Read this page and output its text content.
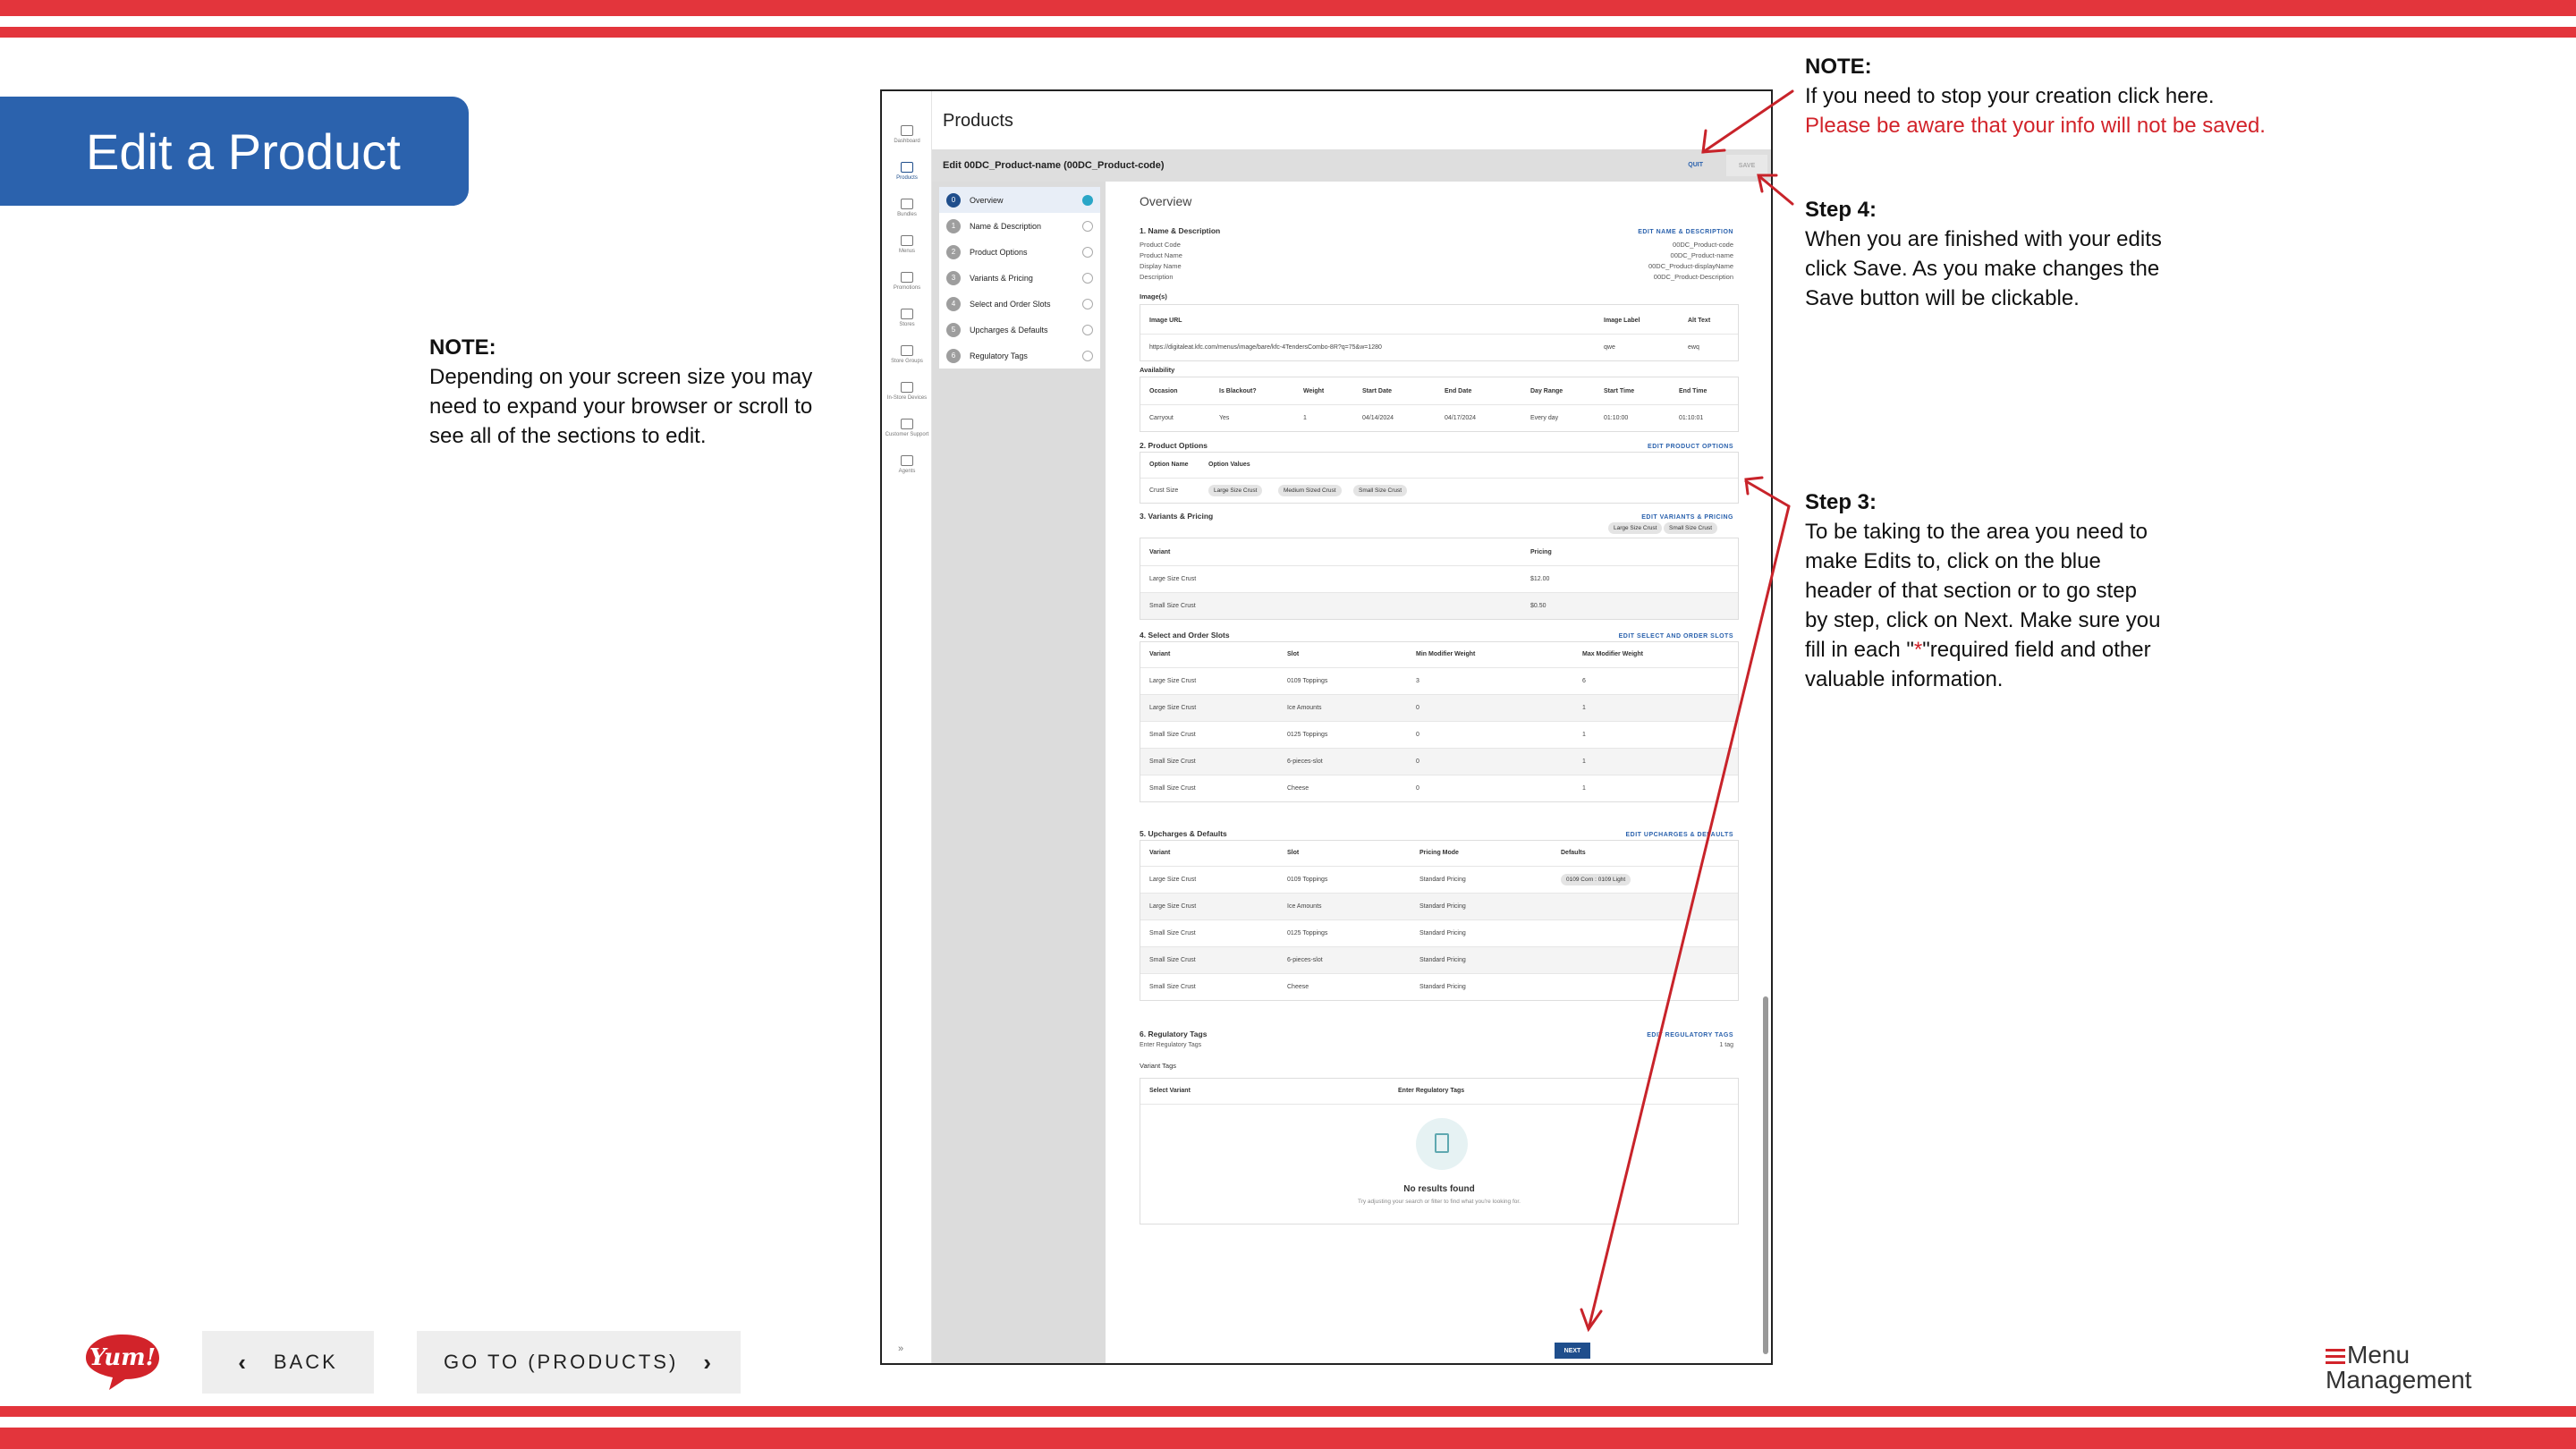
Edit a Product
NOTE:
Depending on your screen size you may need to expand your browser or scroll to see all of the sections to edit.
NOTE:
If you need to stop your creation click here.
Please be aware that your info will not be saved.
Step 4:
When you are finished with your edits click Save. As you make changes the Save button will be clickable.
Step 3:
To be taking to the area you need to make Edits to, click on the blue header of that section or to go step by step, click on Next. Make sure you fill in each "*"required field and other valuable information.
Yum!	‹ BACK	GO TO (PRODUCTS) ›	Menu
Management
Dashboard
Products
Bundles
Menus
Promotions
Stores
Store Groups
In-Store Devices
Customer Support
Agents
Products
Edit 00DC_Product-name (00DC_Product-code)	QUIT	SAVE
0	Overview
1	Name & Description
2	Product Options
3	Variants & Pricing
4	Select and Order Slots
5	Upcharges & Defaults
6	Regulatory Tags
Overview
1. Name & Description	EDIT NAME & DESCRIPTION
Product Code	00DC_Product-code
Product Name	00DC_Product-name
Display Name	00DC_Product-displayName
Description	00DC_Product-Description
Image(s)
Image URL	Image Label	Alt Text
https://digitaleat.kfc.com/menus/image/bare/kfc-4TendersCombo-8R?q=75&w=1280	qwe	ewq
Availability
Occasion	Is Blackout?	Weight	Start Date	End Date	Day Range	Start Time	End Time
Carryout	Yes	1	04/14/2024	04/17/2024	Every day	01:10:00	01:10:01
2. Product Options	EDIT PRODUCT OPTIONS
Option Name	Option Values
Crust Size	Large Size Crust	Medium Sized Crust	Small Size Crust
3. Variants & Pricing	EDIT VARIANTS & PRICING
Large Size Crust	Small Size Crust
Variant	Pricing
Large Size Crust	$12.00
Small Size Crust	$0.50
4. Select and Order Slots	EDIT SELECT AND ORDER SLOTS
Variant	Slot	Min Modifier Weight	Max Modifier Weight
Large Size Crust	0109 Toppings	3	6
Large Size Crust	Ice Amounts	0	1
Small Size Crust	0125 Toppings	0	1
Small Size Crust	6-pieces-slot	0	1
Small Size Crust	Cheese	0	1
5. Upcharges & Defaults	EDIT UPCHARGES & DEFAULTS
Variant	Slot	Pricing Mode	Defaults
Large Size Crust	0109 Toppings	Standard Pricing	0109 Corn : 0109 Light
Large Size Crust	Ice Amounts	Standard Pricing
Small Size Crust	0125 Toppings	Standard Pricing
Small Size Crust	6-pieces-slot	Standard Pricing
Small Size Crust	Cheese	Standard Pricing
6. Regulatory Tags	EDIT REGULATORY TAGS
Enter Regulatory Tags	1 tag
Variant Tags
Select Variant	Enter Regulatory Tags
No results found
Try adjusting your search or filter to find what you're looking for.
»	NEXT
